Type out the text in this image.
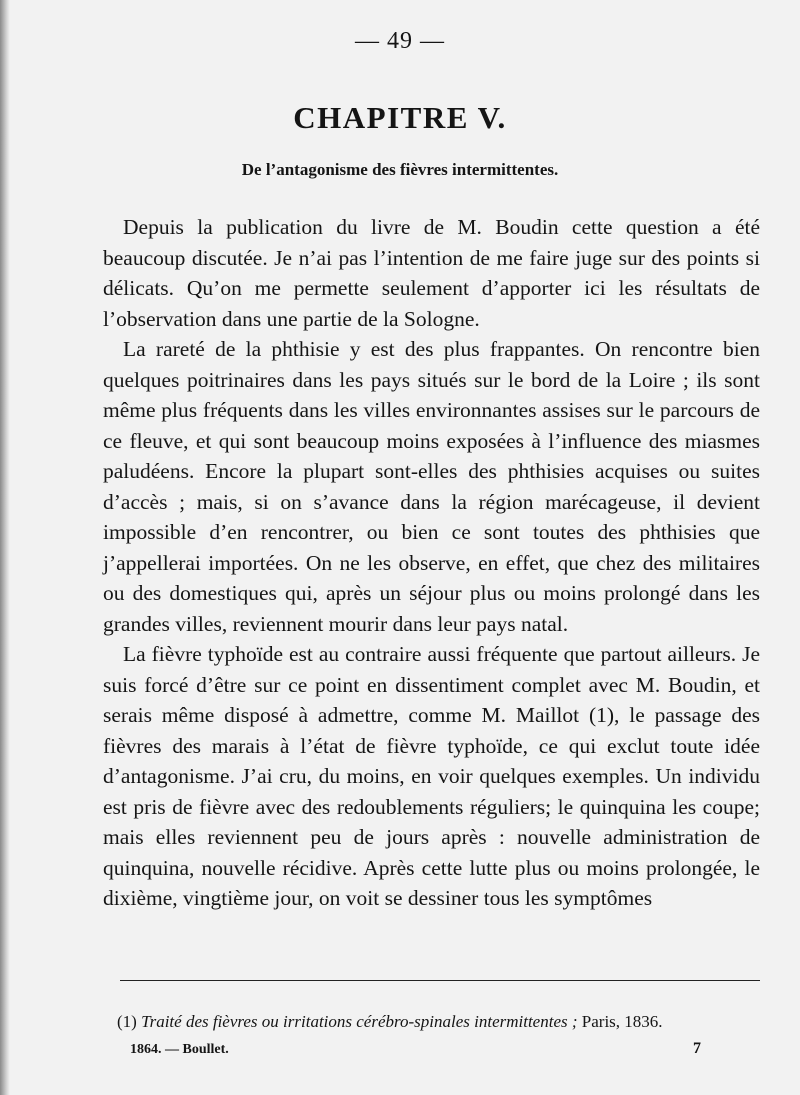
— 49 —
CHAPITRE V.
De l’antagonisme des fièvres intermittentes.

Depuis la publication du livre de M. Boudin cette question a été beaucoup discutée. Je n’ai pas l’intention de me faire juge sur des points si délicats. Qu’on me permette seulement d’apporter ici les résultats de l’observation dans une partie de la Sologne.

La rareté de la phthisie y est des plus frappantes. On rencontre bien quelques poitrinaires dans les pays situés sur le bord de la Loire ; ils sont même plus fréquents dans les villes environnantes assises sur le parcours de ce fleuve, et qui sont beaucoup moins exposées à l’influence des miasmes paludéens. Encore la plupart sont-elles des phthisies acquises ou suites d’accès ; mais, si on s’avance dans la région marécageuse, il devient impossible d’en rencontrer, ou bien ce sont toutes des phthisies que j’appellerai importées. On ne les observe, en effet, que chez des militaires ou des domestiques qui, après un séjour plus ou moins prolongé dans les grandes villes, reviennent mourir dans leur pays natal.

La fièvre typhoïde est au contraire aussi fréquente que partout ailleurs. Je suis forcé d’être sur ce point en dissentiment complet avec M. Boudin, et serais même disposé à admettre, comme M. Maillot (1), le passage des fièvres des marais à l’état de fièvre typhoïde, ce qui exclut toute idée d’antagonisme. J’ai cru, du moins, en voir quelques exemples. Un individu est pris de fièvre avec des redoublements réguliers; le quinquina les coupe; mais elles reviennent peu de jours après : nouvelle administration de quinquina, nouvelle récidive. Après cette lutte plus ou moins prolongée, le dixième, vingtième jour, on voit se dessiner tous les symptômes

(1) Traité des fièvres ou irritations cérébro-spinales intermittentes ; Paris, 1836.
1864. — Boullet.	7
